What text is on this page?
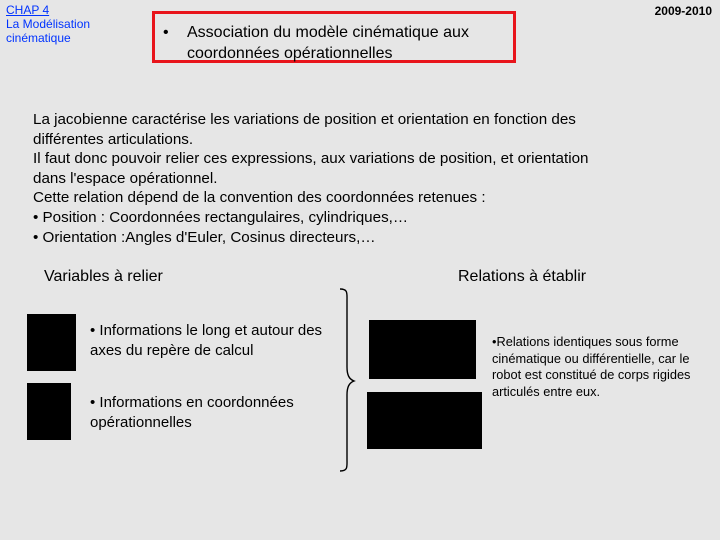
CHAP 4
La Modélisation cinématique
2009-2010
• Association du modèle cinématique aux coordonnées opérationnelles
La jacobienne caractérise les variations de position et orientation en fonction des
différentes articulations.
Il faut donc pouvoir relier ces expressions, aux variations de position, et orientation
dans l'espace opérationnel.
Cette relation dépend de la convention des coordonnées retenues :
• Position : Coordonnées rectangulaires, cylindriques,…
• Orientation :Angles d'Euler, Cosinus directeurs,…
Variables à relier	Relations à établir
• Informations le long et autour des axes du repère de calcul
• Informations en coordonnées opérationnelles
•Relations identiques sous forme cinématique ou différentielle, car le robot est constitué de corps rigides articulés entre eux.
